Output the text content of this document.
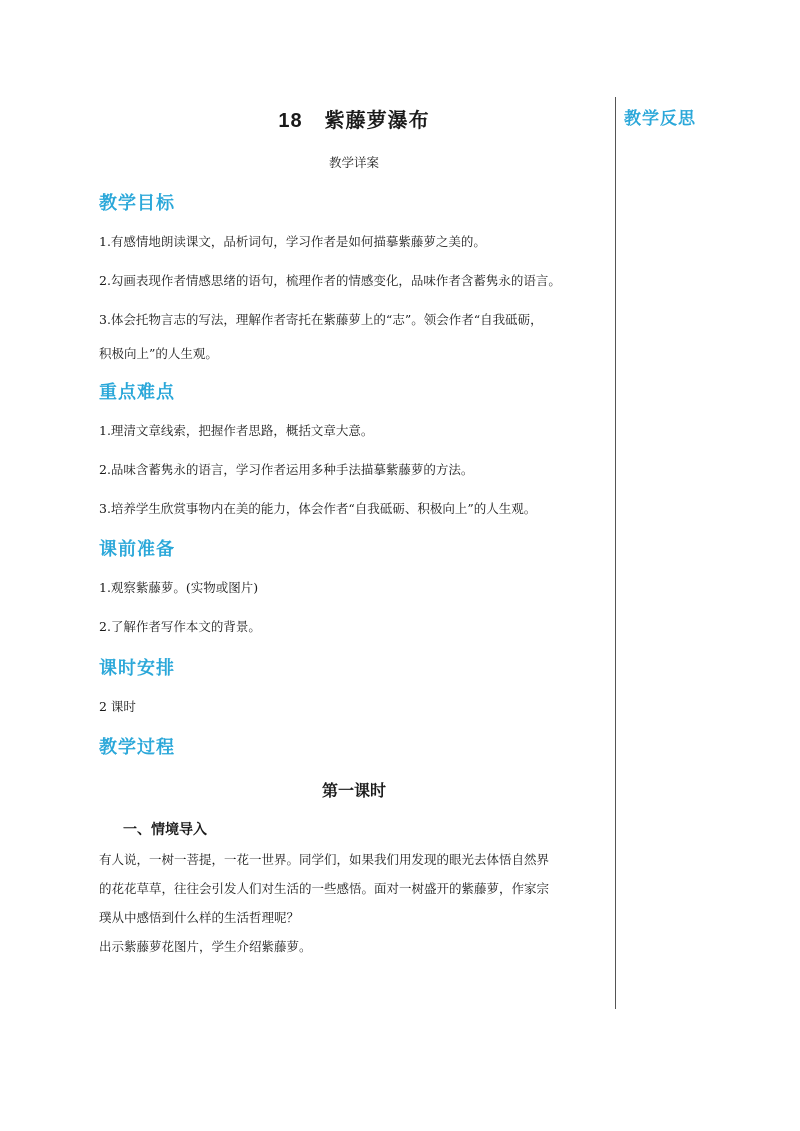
教学反思
18 紫藤萝瀑布
教学详案
教学目标

1.有感情地朗读课文，品析词句，学习作者是如何描摹紫藤萝之美的。

2.勾画表现作者情感思绪的语句，梳理作者的情感变化，品味作者含蓄隽永的语言。

3.体会托物言志的写法，理解作者寄托在紫藤萝上的“志”。领会作者“自我砥砺，

积极向上”的人生观。

重点难点

1.理清文章线索，把握作者思路，概括文章大意。

2.品味含蓄隽永的语言，学习作者运用多种手法描摹紫藤萝的方法。

3.培养学生欣赏事物内在美的能力，体会作者“自我砥砺、积极向上”的人生观。

课前准备

1.观察紫藤萝。(实物或图片)

2.了解作者写作本文的背景。

课时安排

2 课时

教学过程
第一课时
一、情境导入

有人说，一树一菩提，一花一世界。同学们，如果我们用发现的眼光去体悟自然界

的花花草草，往往会引发人们对生活的一些感悟。面对一树盛开的紫藤萝，作家宗

璞从中感悟到什么样的生活哲理呢？

出示紫藤萝花图片，学生介绍紫藤萝。
